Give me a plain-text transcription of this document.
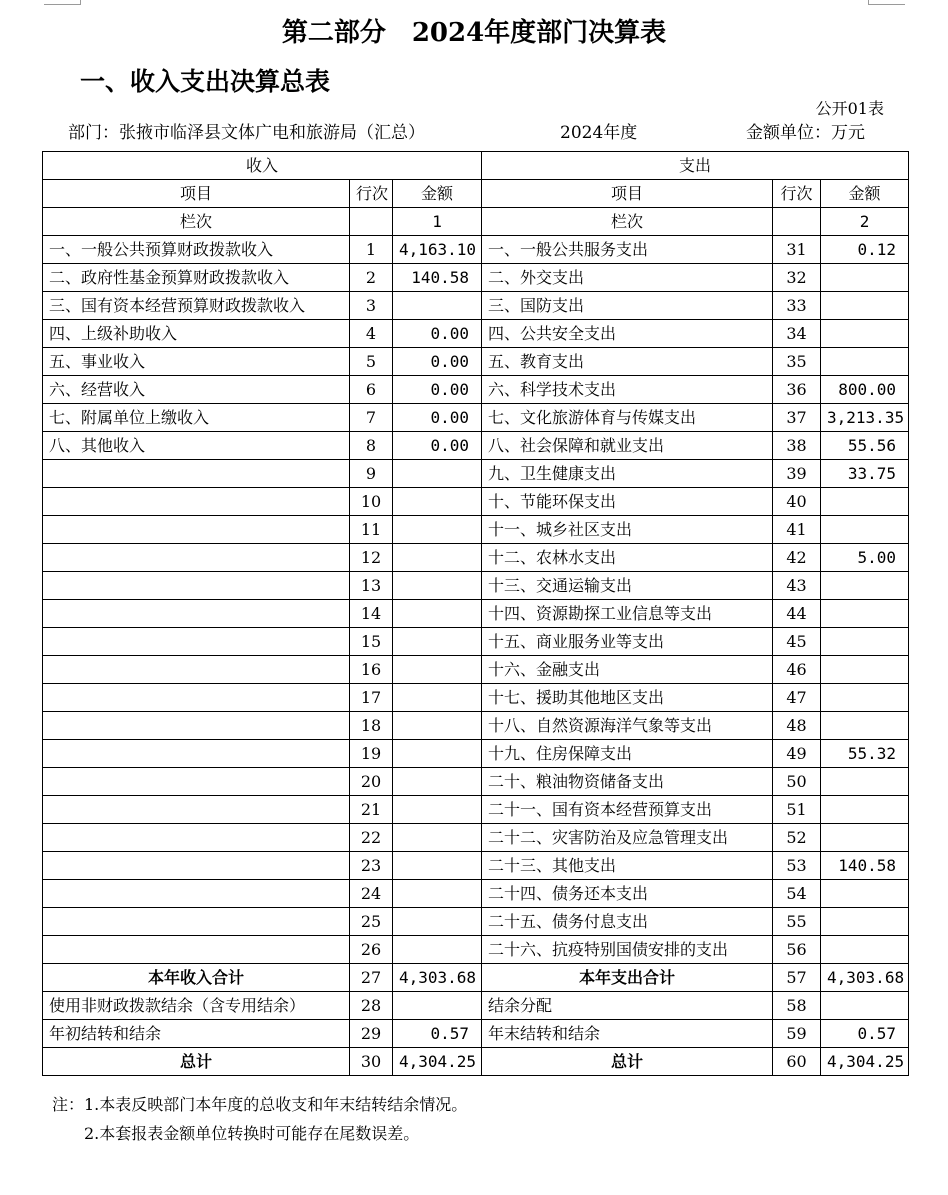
第二部分　2024年度部门决算表
一、收入支出决算总表
公开01表
部门：张掖市临泽县文体广电和旅游局（汇总）	2024年度	金额单位：万元
收入			支出		
项目	行次	金额	项目	行次	金额
栏次		1	栏次		2
一、一般公共预算财政拨款收入	1	4,163.10	一、一般公共服务支出	31	0.12
二、政府性基金预算财政拨款收入	2	140.58	二、外交支出	32	
三、国有资本经营预算财政拨款收入	3		三、国防支出	33	
四、上级补助收入	4	0.00	四、公共安全支出	34	
五、事业收入	5	0.00	五、教育支出	35	
六、经营收入	6	0.00	六、科学技术支出	36	800.00
七、附属单位上缴收入	7	0.00	七、文化旅游体育与传媒支出	37	3,213.35
八、其他收入	8	0.00	八、社会保障和就业支出	38	55.56
	9		九、卫生健康支出	39	33.75
	10		十、节能环保支出	40	
	11		十一、城乡社区支出	41	
	12		十二、农林水支出	42	5.00
	13		十三、交通运输支出	43	
	14		十四、资源勘探工业信息等支出	44	
	15		十五、商业服务业等支出	45	
	16		十六、金融支出	46	
	17		十七、援助其他地区支出	47	
	18		十八、自然资源海洋气象等支出	48	
	19		十九、住房保障支出	49	55.32
	20		二十、粮油物资储备支出	50	
	21		二十一、国有资本经营预算支出	51	
	22		二十二、灾害防治及应急管理支出	52	
	23		二十三、其他支出	53	140.58
	24		二十四、债务还本支出	54	
	25		二十五、债务付息支出	55	
	26		二十六、抗疫特别国债安排的支出	56	
本年收入合计	27	4,303.68	本年支出合计	57	4,303.68
使用非财政拨款结余（含专用结余）	28		结余分配	58	
年初结转和结余	29	0.57	年末结转和结余	59	0.57
总计	30	4,304.25	总计	60	4,304.25
注：1.本表反映部门本年度的总收支和年末结转结余情况。
2.本套报表金额单位转换时可能存在尾数误差。
